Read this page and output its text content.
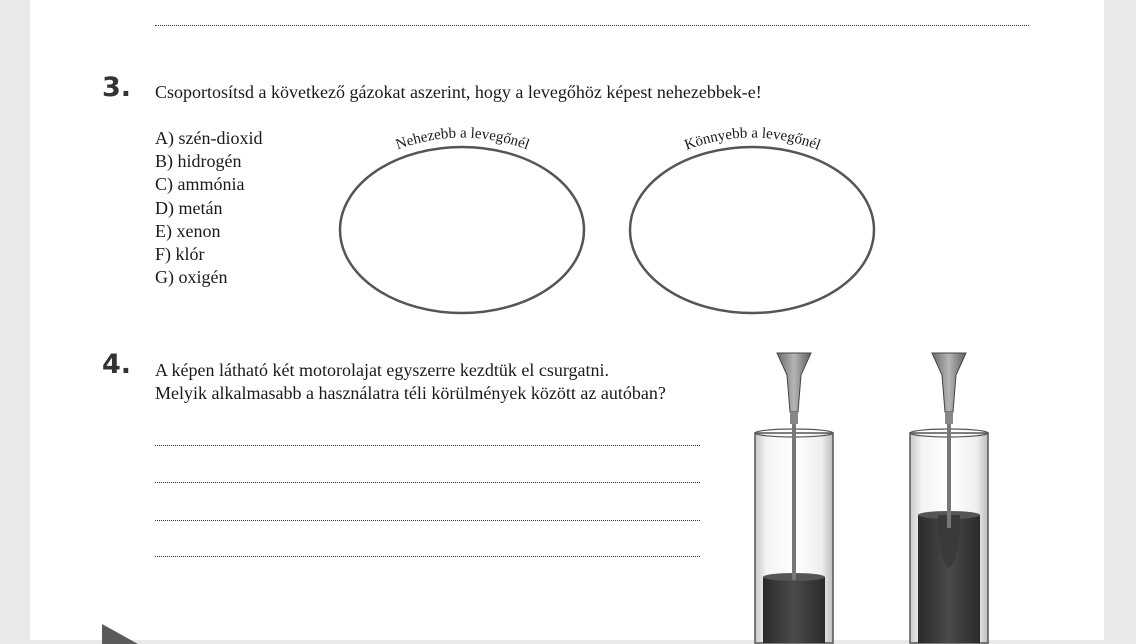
3. Csoportosítsd a következő gázokat aszerint, hogy a levegőhöz képest nehezebbek-e!
A) szén-dioxid
B) hidrogén
C) ammónia
D) metán
E) xenon
F) klór
G) oxigén
Nehezebb a levegőnél	Könnyebb a levegőnél
4. A képen látható két motorolajat egyszerre kezdtük el csurgatni.
Melyik alkalmasabb a használatra téli körülmények között az autóban?
